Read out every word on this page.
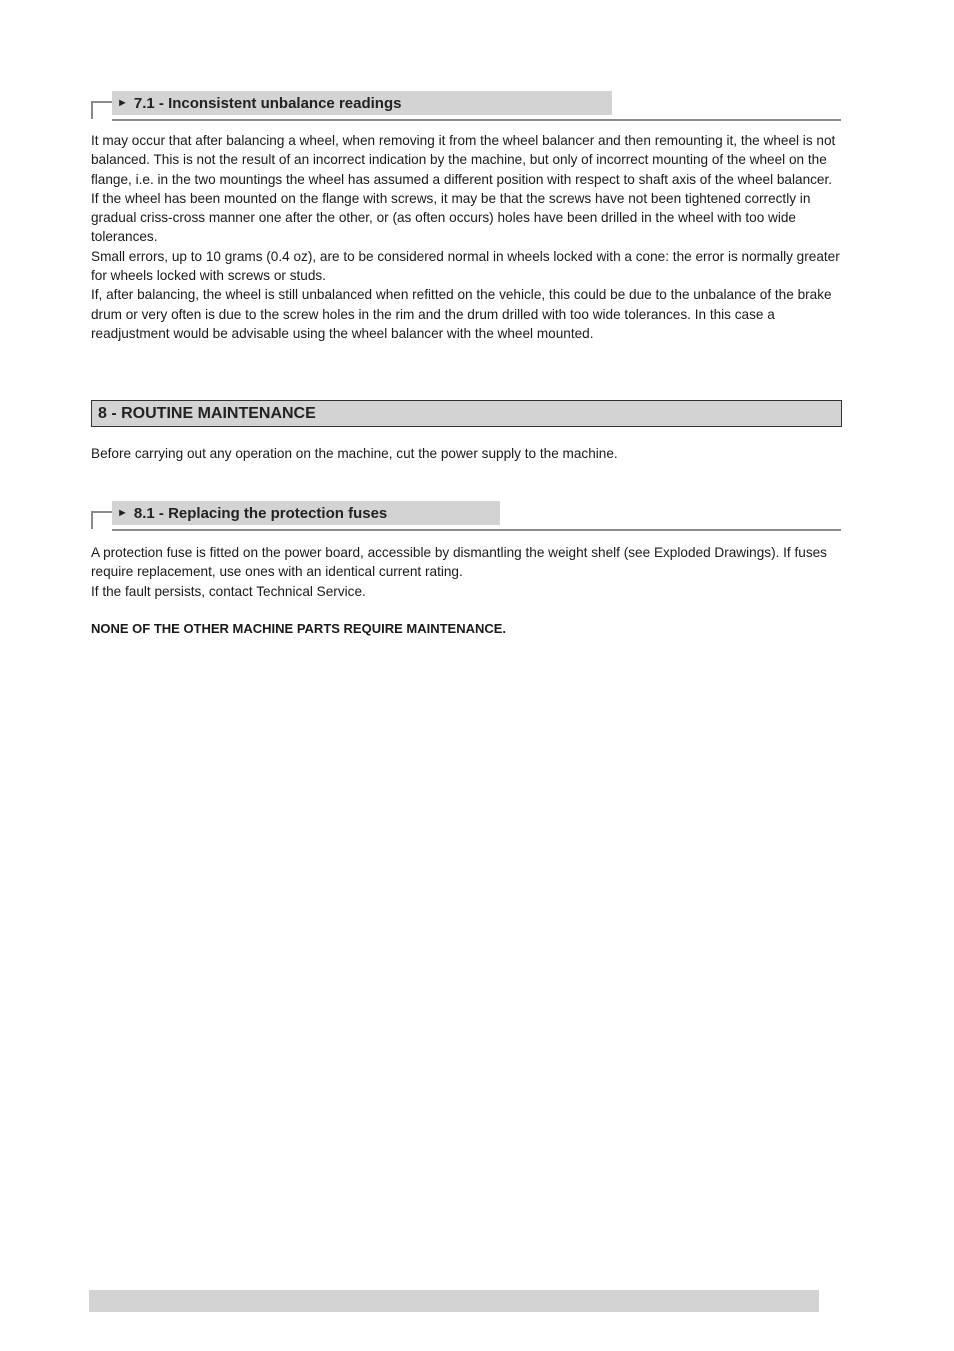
► 7.1 - Inconsistent unbalance readings

It may occur that after balancing a wheel, when removing it from the wheel balancer and then remounting it, the wheel is not balanced. This is not the result of an incorrect indication by the machine, but only of incorrect mounting of the wheel on the flange, i.e. in the two mountings the wheel has assumed a different position with respect to shaft axis of the wheel balancer. If the wheel has been mounted on the flange with screws, it may be that the screws have not been tightened correctly in gradual criss-cross manner one after the other, or (as often occurs) holes have been drilled in the wheel with too wide tolerances.

Small errors, up to 10 grams (0.4 oz), are to be considered normal in wheels locked with a cone: the error is normally greater for wheels locked with screws or studs.

If, after balancing, the wheel is still unbalanced when refitted on the vehicle, this could be due to the unbalance of the brake drum or very often is due to the screw holes in the rim and the drum drilled with too wide tolerances. In this case a readjustment would be advisable using the wheel balancer with the wheel mounted.

8 - ROUTINE MAINTENANCE

Before carrying out any operation on the machine, cut the power supply to the machine.

► 8.1 - Replacing the protection fuses

A protection fuse is fitted on the power board, accessible by dismantling the weight shelf (see Exploded Drawings). If fuses require replacement, use ones with an identical current rating.

If the fault persists, contact Technical Service.

NONE OF THE OTHER MACHINE PARTS REQUIRE MAINTENANCE.
